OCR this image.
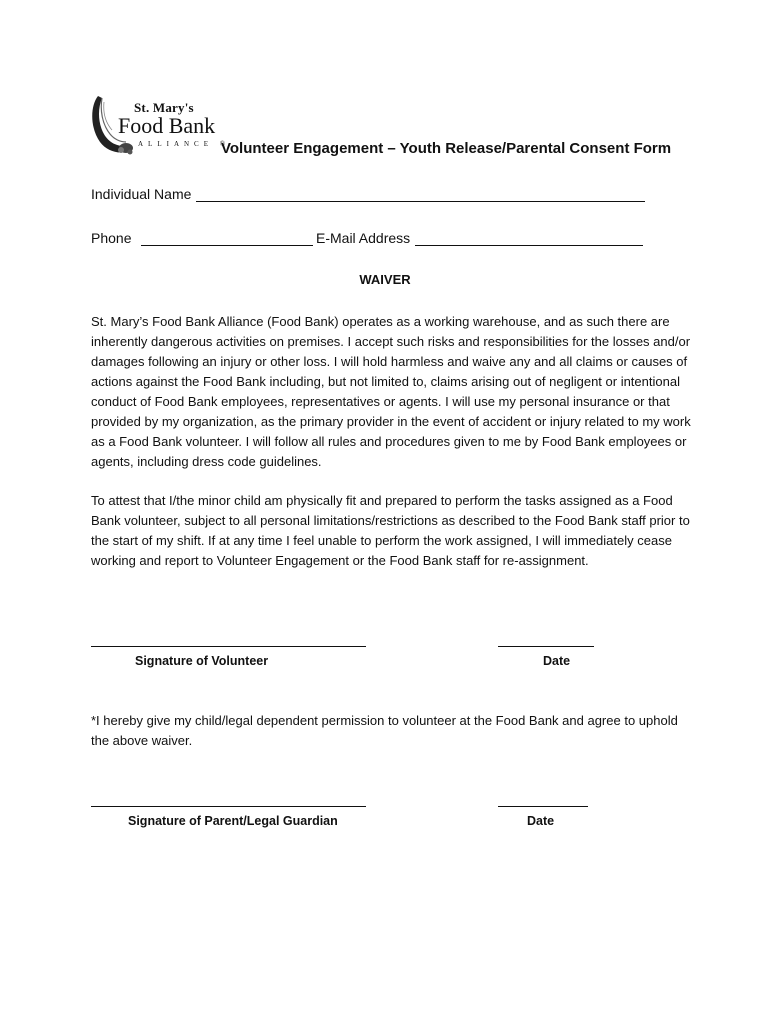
St. Mary's
Food Bank
ALLIANCE ®
Volunteer Engagement – Youth Release/Parental Consent Form
Individual Name
Phone	E-Mail Address
WAIVER

St. Mary’s Food Bank Alliance (Food Bank) operates as a working warehouse, and as such there are inherently dangerous activities on premises. I accept such risks and responsibilities for the losses and/or damages following an injury or other loss. I will hold harmless and waive any and all claims or causes of actions against the Food Bank including, but not limited to, claims arising out of negligent or intentional conduct of Food Bank employees, representatives or agents. I will use my personal insurance or that provided by my organization, as the primary provider in the event of accident or injury related to my work as a Food Bank volunteer. I will follow all rules and procedures given to me by Food Bank employees or agents, including dress code guidelines.

To attest that I/the minor child am physically fit and prepared to perform the tasks assigned as a Food Bank volunteer, subject to all personal limitations/restrictions as described to the Food Bank staff prior to the start of my shift. If at any time I feel unable to perform the work assigned, I will immediately cease working and report to Volunteer Engagement or the Food Bank staff for re-assignment.

Signature of Volunteer	Date

*I hereby give my child/legal dependent permission to volunteer at the Food Bank and agree to uphold the above waiver.

Signature of Parent/Legal Guardian	Date
